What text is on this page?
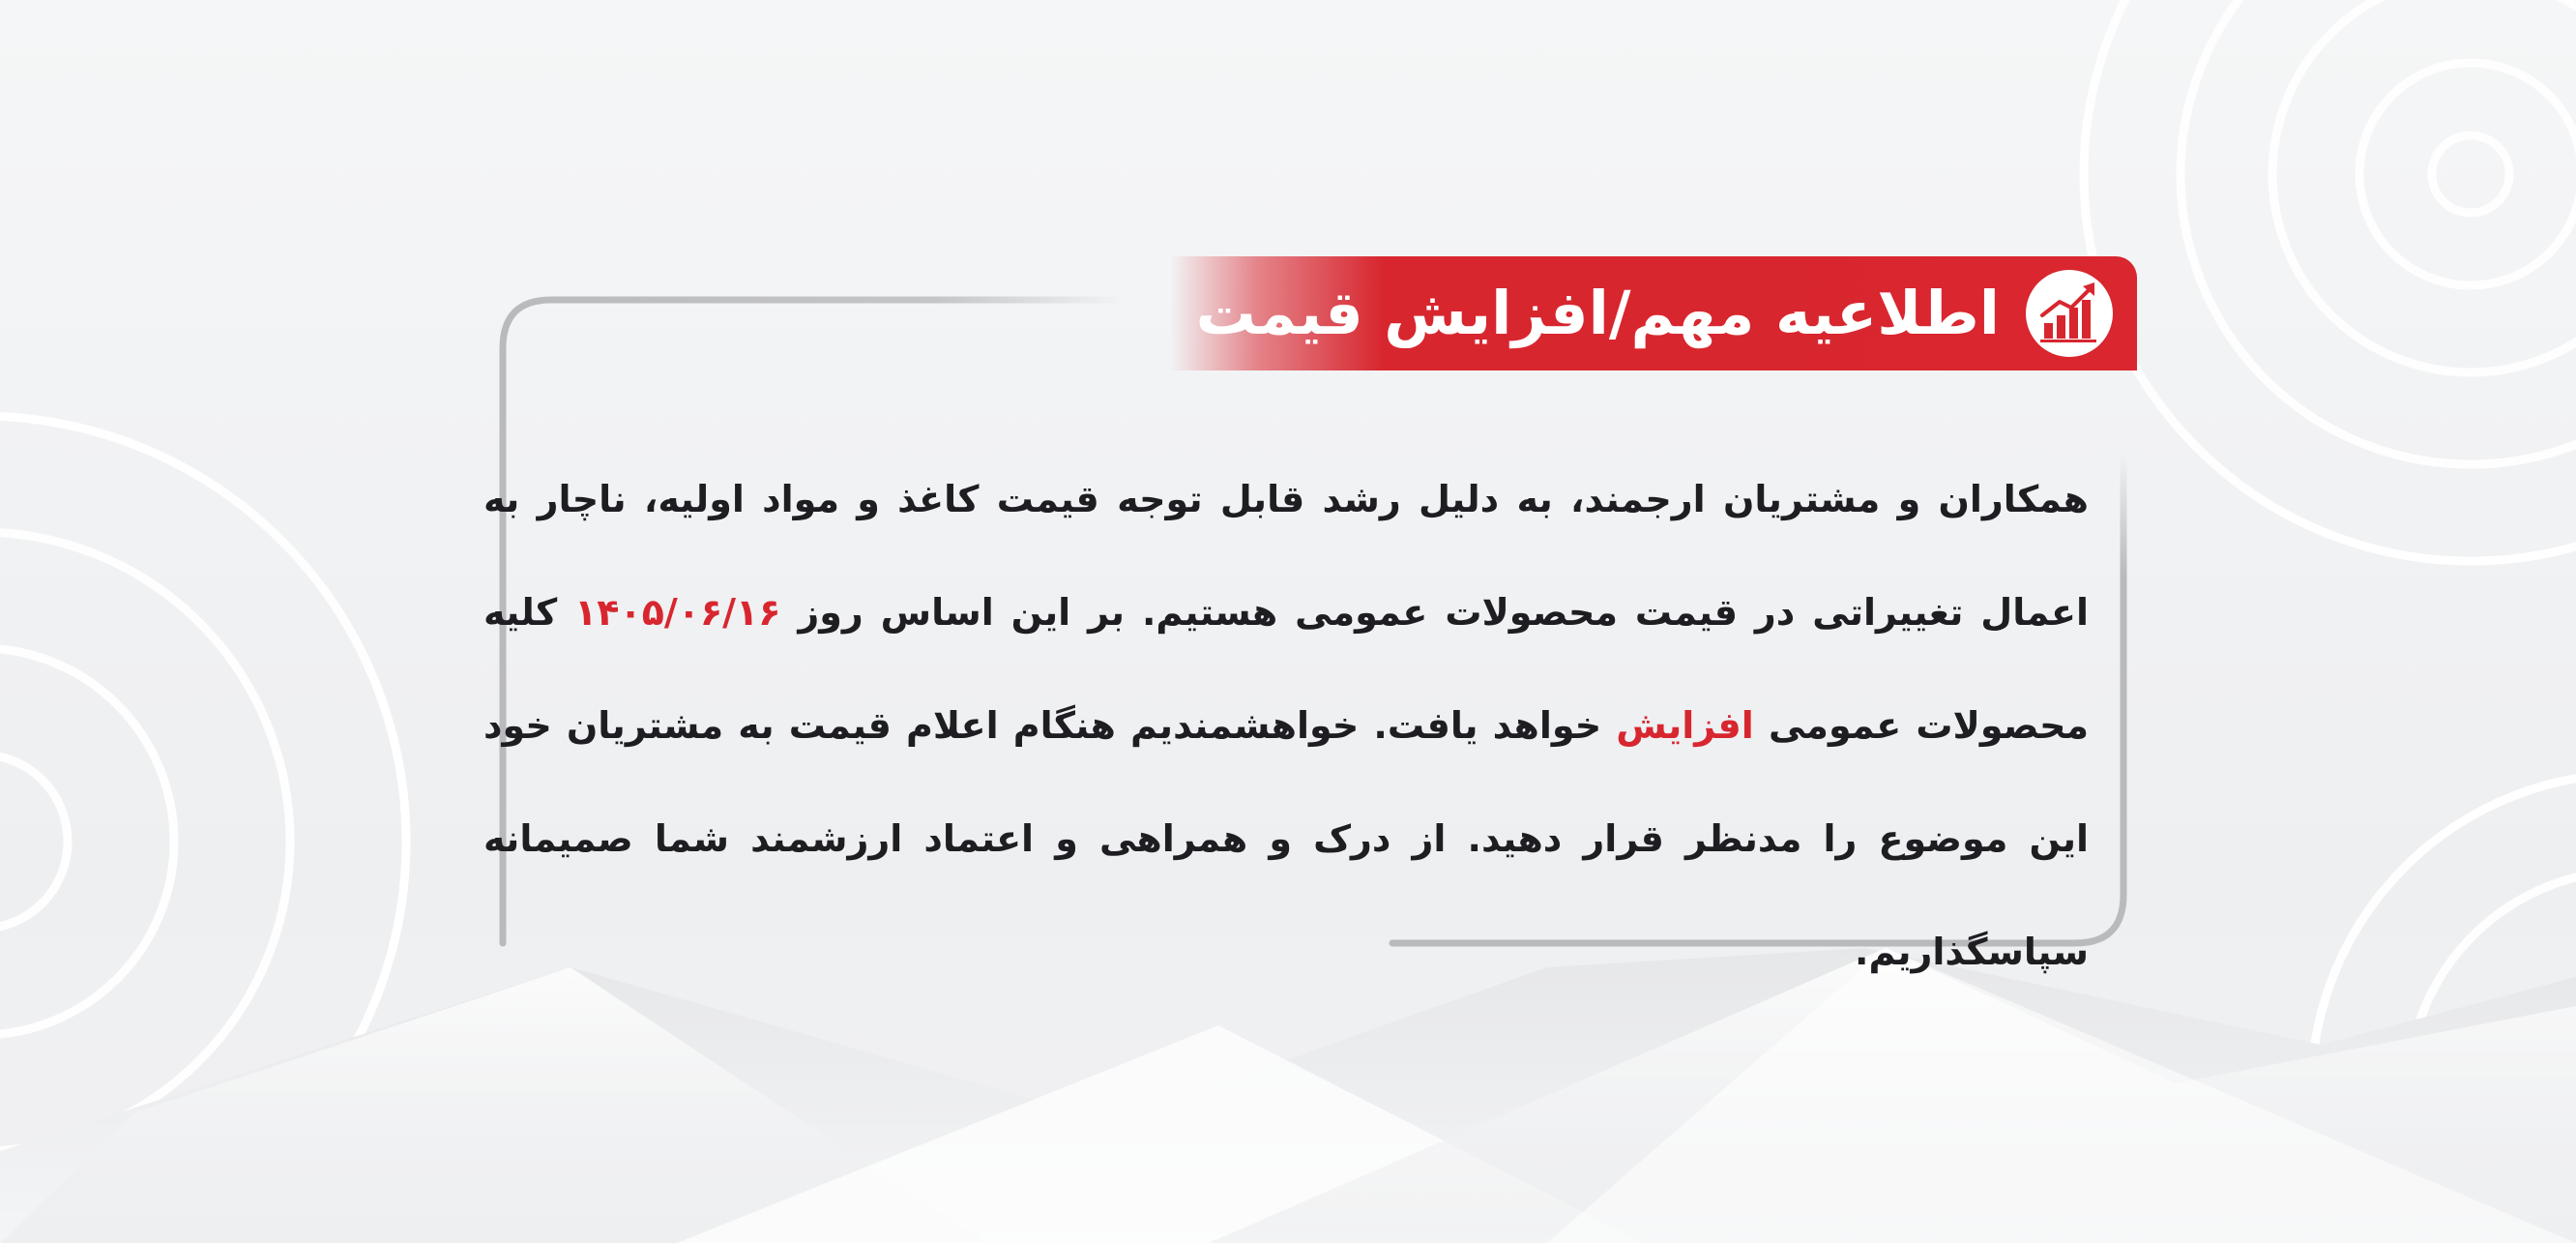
اطلاعیه مهم/افزایش قیمت
همکاران و مشتریان ارجمند، به دلیل رشد قابل توجه قیمت کاغذ و مواد اولیه، ناچار به اعمال تغییراتی در قیمت محصولات عمومی هستیم. بر این اساس روز ۱۴۰۵/۰۶/۱۶ کلیه محصولات عمومی افزایش خواهد یافت. خواهشمندیم هنگام اعلام قیمت به مشتریان خود این موضوع را مدنظر قرار دهید. از درک و همراهی و اعتماد ارزشمند شما صمیمانه سپاسگذاریم.
